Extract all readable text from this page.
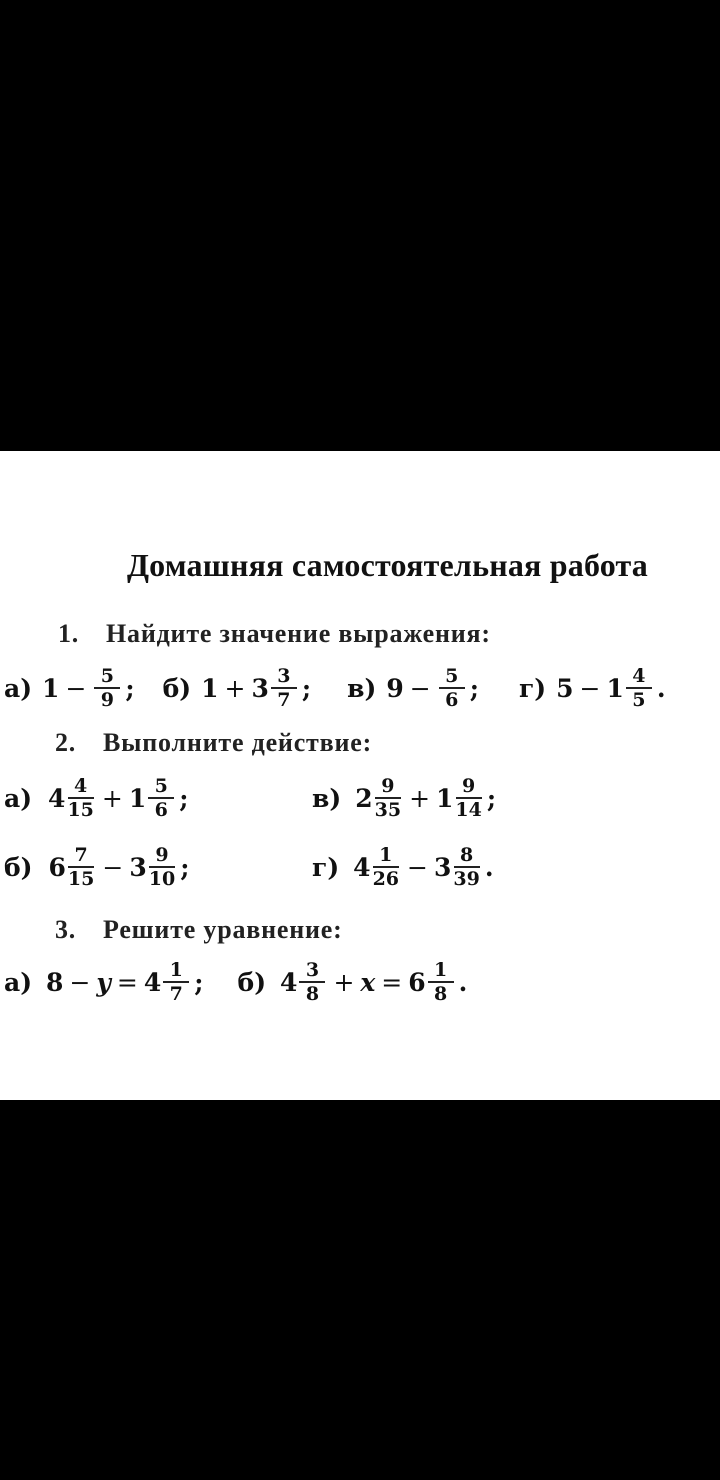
Домашняя самостоятельная работа
1. Найдите значение выражения:
а) $1 - \frac{5}{9}$ ; б) $1 + 3 \frac{3}{7}$ ; в) $9 - \frac{5}{6}$ ; г) $5 - 1 \frac{4}{5}$ .
2. Выполните действие:
а) $4 \frac{4}{15} + 1 \frac{5}{6}$ ;	в) $2 \frac{9}{35} + 1 \frac{9}{14}$ ;
б) $6 \frac{7}{15} - 3 \frac{9}{10}$ ;	г) $4 \frac{1}{26} - 3 \frac{8}{39}$ .
3. Решите уравнение:
а) $8 - y = 4 \frac{1}{7}$ ; б) $4 \frac{3}{8} + x = 6 \frac{1}{8}$ .
